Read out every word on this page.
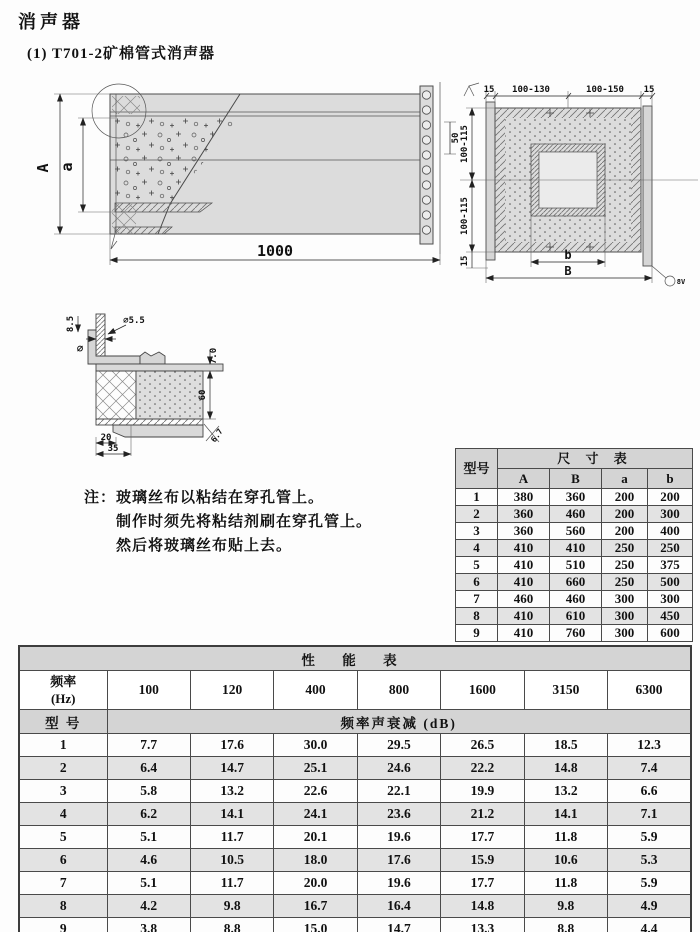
消声器
(1) T701-2矿棉管式消声器
A a
50
1000
15 100-130	100-150 15
100-115
100-115
15	b
B
8V
8.5
∅
∅5.5
7.0
60
6.7
20
35
注： 玻璃丝布以粘结在穿孔管上。
制作时须先将粘结剂刷在穿孔管上。
然后将玻璃丝布贴上去。
型号	尺 寸 表			
	A	B	a	b
1	380	360	200	200
2	360	460	200	300
3	360	560	200	400
4	410	410	250	250
5	410	510	250	375
6	410	660	250	500
7	460	460	300	300
8	410	610	300	450
9	410	760	300	600
性 能 表							

频率
(Hz)	100	120	400	800	1600	3150	6300
型 号	频率声衰减 (dB)						
1	7.7	17.6	30.0	29.5	26.5	18.5	12.3
2	6.4	14.7	25.1	24.6	22.2	14.8	7.4
3	5.8	13.2	22.6	22.1	19.9	13.2	6.6
4	6.2	14.1	24.1	23.6	21.2	14.1	7.1
5	5.1	11.7	20.1	19.6	17.7	11.8	5.9
6	4.6	10.5	18.0	17.6	15.9	10.6	5.3
7	5.1	11.7	20.0	19.6	17.7	11.8	5.9
8	4.2	9.8	16.7	16.4	14.8	9.8	4.9
9	3.8	8.8	15.0	14.7	13.3	8.8	4.4
